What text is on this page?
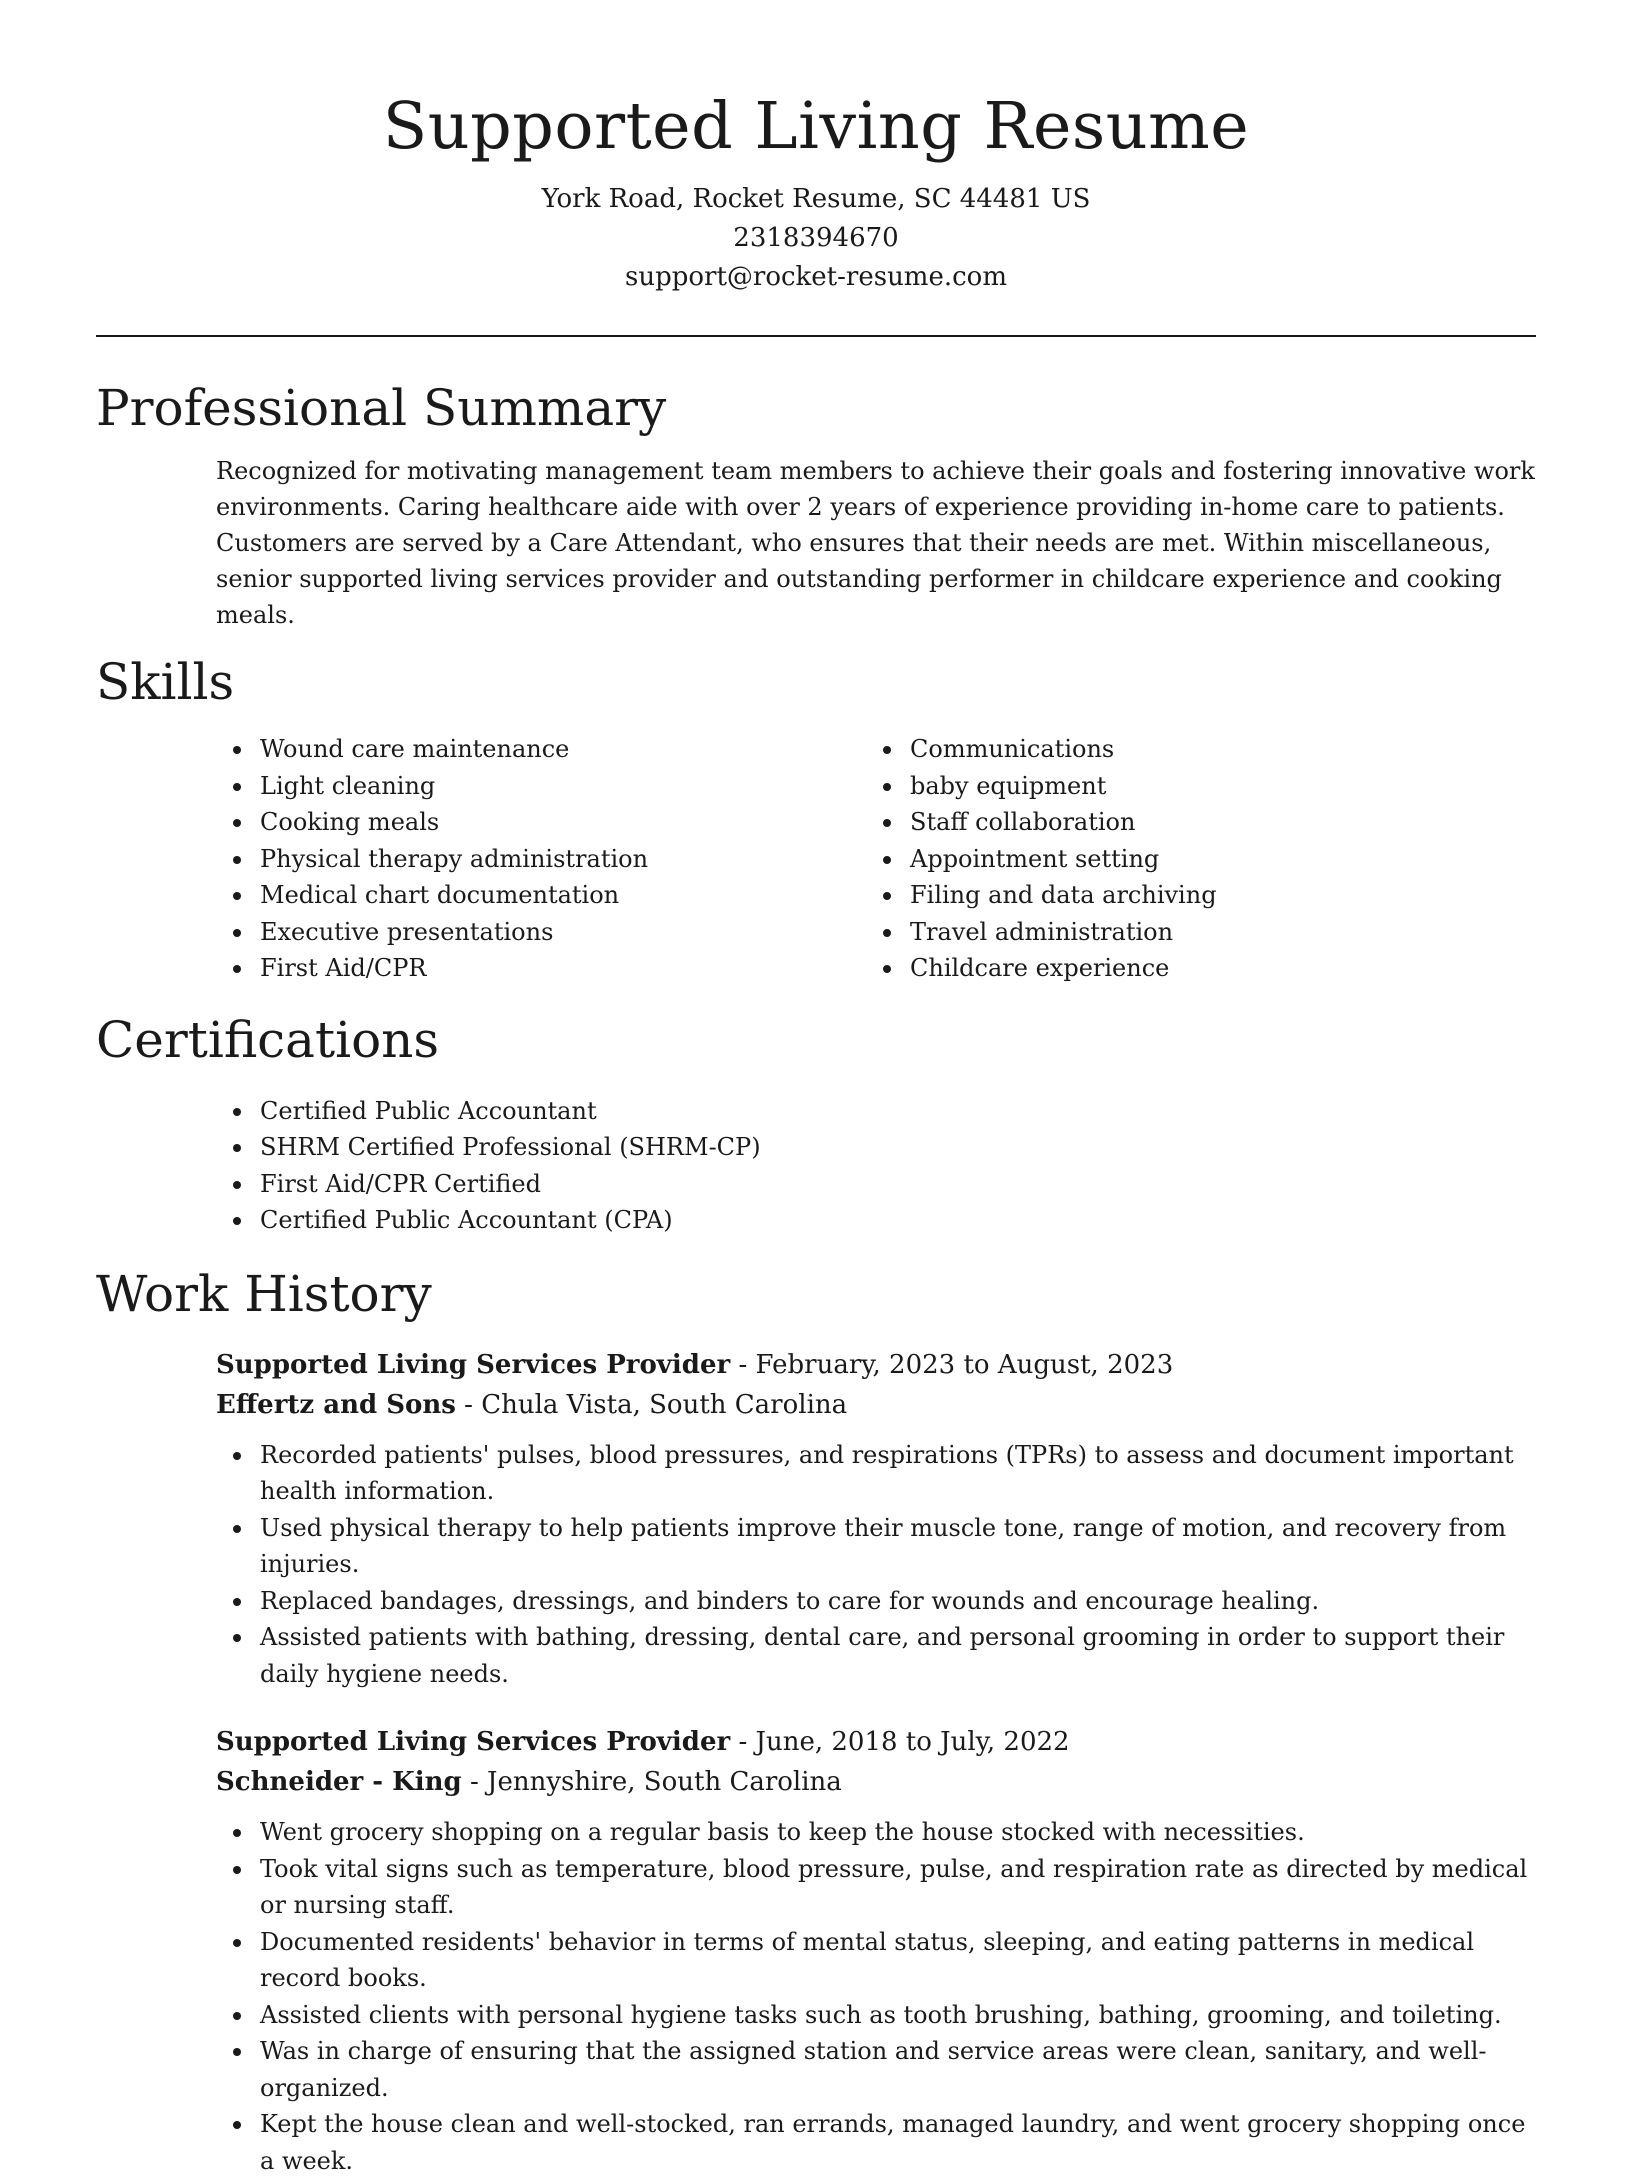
Supported Living Resume
York Road, Rocket Resume, SC 44481 US
2318394670
support@rocket-resume.com
Professional Summary

Recognized for motivating management team members to achieve their goals and fostering innovative work environments. Caring healthcare aide with over 2 years of experience providing in-home care to patients. Customers are served by a Care Attendant, who ensures that their needs are met. Within miscellaneous, senior supported living services provider and outstanding performer in childcare experience and cooking meals.

Skills
Wound care maintenance
Light cleaning
Cooking meals
Physical therapy administration
Medical chart documentation
Executive presentations
First Aid/CPR
Communications
baby equipment
Staff collaboration
Appointment setting
Filing and data archiving
Travel administration
Childcare experience
Certifications
Certified Public Accountant
SHRM Certified Professional (SHRM-CP)
First Aid/CPR Certified
Certified Public Accountant (CPA)
Work History
Supported Living Services Provider - February, 2023 to August, 2023
Effertz and Sons - Chula Vista, South Carolina
Recorded patients' pulses, blood pressures, and respirations (TPRs) to assess and document important health information.
Used physical therapy to help patients improve their muscle tone, range of motion, and recovery from injuries.
Replaced bandages, dressings, and binders to care for wounds and encourage healing.
Assisted patients with bathing, dressing, dental care, and personal grooming in order to support their daily hygiene needs.
Supported Living Services Provider - June, 2018 to July, 2022
Schneider - King - Jennyshire, South Carolina
Went grocery shopping on a regular basis to keep the house stocked with necessities.
Took vital signs such as temperature, blood pressure, pulse, and respiration rate as directed by medical or nursing staff.
Documented residents' behavior in terms of mental status, sleeping, and eating patterns in medical record books.
Assisted clients with personal hygiene tasks such as tooth brushing, bathing, grooming, and toileting.
Was in charge of ensuring that the assigned station and service areas were clean, sanitary, and well-organized.
Kept the house clean and well-stocked, ran errands, managed laundry, and went grocery shopping once a week.
